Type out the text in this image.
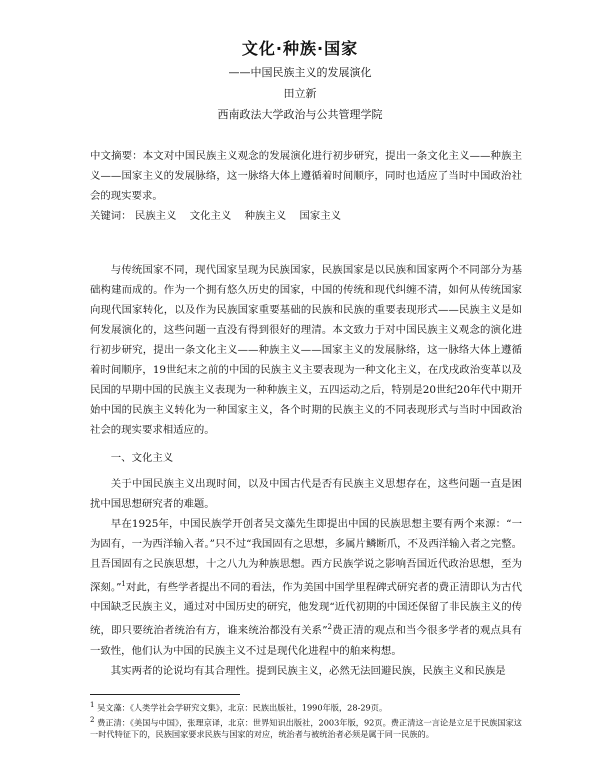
文化·种族·国家
——中国民族主义的发展演化
田立新
西南政法大学政治与公共管理学院
中文摘要：本文对中国民族主义观念的发展演化进行初步研究，提出一条文化主义——种族主义——国家主义的发展脉络，这一脉络大体上遵循着时间顺序，同时也适应了当时中国政治社会的现实要求。
关键词： 民族主义 文化主义 种族主义 国家主义

与传统国家不同，现代国家呈现为民族国家，民族国家是以民族和国家两个不同部分为基础构建而成的。作为一个拥有悠久历史的国家，中国的传统和现代纠缠不清，如何从传统国家向现代国家转化，以及作为民族国家重要基础的民族和民族的重要表现形式——民族主义是如何发展演化的，这些问题一直没有得到很好的理清。本文致力于对中国民族主义观念的演化进行初步研究，提出一条文化主义——种族主义——国家主义的发展脉络，这一脉络大体上遵循着时间顺序，19世纪末之前的中国的民族主义主要表现为一种文化主义，在戊戌政治变革以及民国的早期中国的民族主义表现为一种种族主义，五四运动之后，特别是20世纪20年代中期开始中国的民族主义转化为一种国家主义，各个时期的民族主义的不同表现形式与当时中国政治社会的现实要求相适应的。

一、文化主义

关于中国民族主义出现时间，以及中国古代是否有民族主义思想存在，这些问题一直是困扰中国思想研究者的难题。

早在1925年，中国民族学开创者吴文藻先生即提出中国的民族思想主要有两个来源：“一为固有，一为西洋输入者。”只不过“我国固有之思想，多属片鳞断爪，不及西洋输入者之完整。且吾国固有之民族思想，十之八九为种族思想。西方民族学说之影响吾国近代政治思想，至为深刻。”$^1$对此，有些学者提出不同的看法，作为美国中国学里程碑式研究者的费正清即认为古代中国缺乏民族主义，通过对中国历史的研究，他发现“近代初期的中国还保留了非民族主义的传统，即只要统治者统治有方，谁来统治都没有关系”$^2$费正清的观点和当今很多学者的观点具有一致性，他们认为中国的民族主义不过是现代化进程中的舶来构想。

其实两者的论说均有其合理性。提到民族主义，必然无法回避民族，民族主义和民族是

$^1$ 吴文藻：《人类学社会学研究文集》，北京：民族出版社，1990年版，28-29页。

$^2$ 费正清：《美国与中国》，张理京译，北京：世界知识出版社，2003年版，92页。费正清这一言论是立足于民族国家这一时代特征下的，民族国家要求民族与国家的对应，统治者与被统治者必须是属于同一民族的。
